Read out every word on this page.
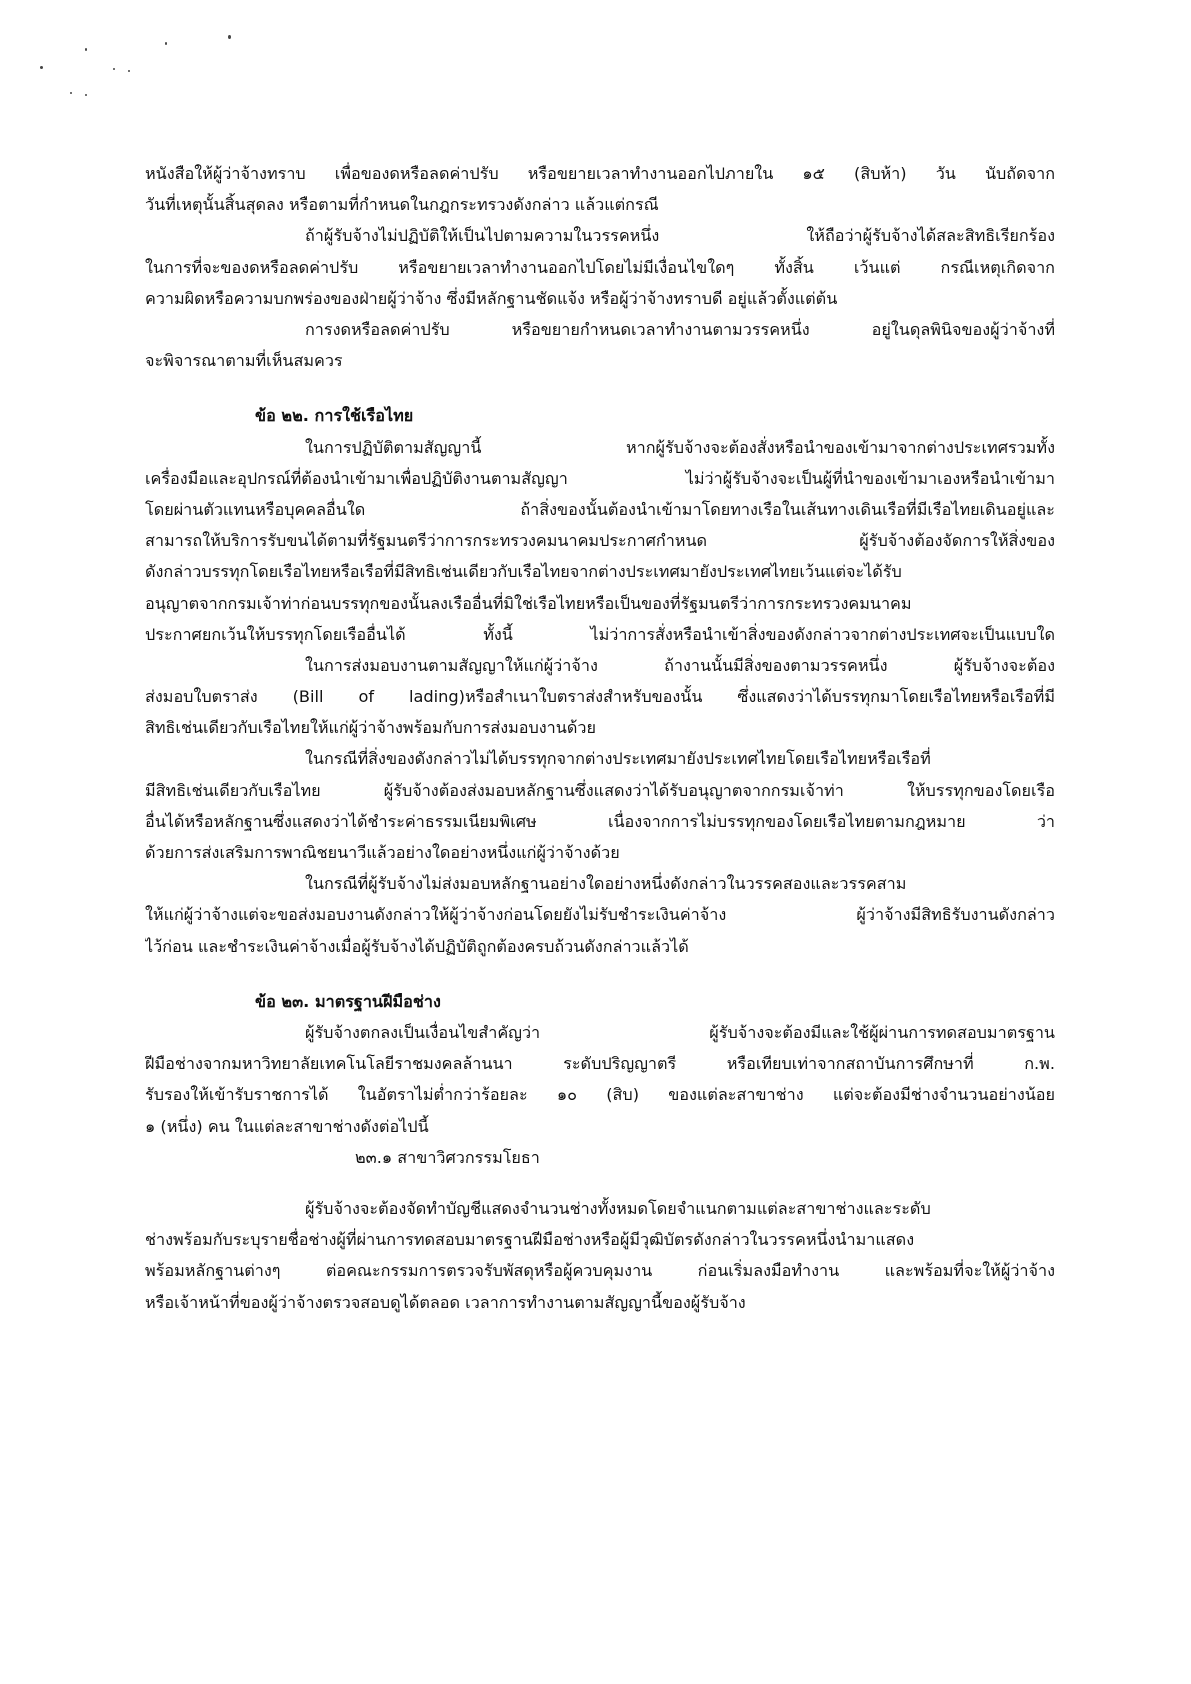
หนังสือให้ผู้ว่าจ้างทราบ เพื่อของดหรือลดค่าปรับ หรือขยายเวลาทำงานออกไปภายใน ๑๕ (สิบห้า) วัน นับถัดจาก
วันที่เหตุนั้นสิ้นสุดลง หรือตามที่กำหนดในกฎกระทรวงดังกล่าว แล้วแต่กรณี
ถ้าผู้รับจ้างไม่ปฏิบัติให้เป็นไปตามความในวรรคหนึ่ง ให้ถือว่าผู้รับจ้างได้สละสิทธิเรียกร้อง
ในการที่จะของดหรือลดค่าปรับ หรือขยายเวลาทำงานออกไปโดยไม่มีเงื่อนไขใดๆ ทั้งสิ้น เว้นแต่ กรณีเหตุเกิดจาก
ความผิดหรือความบกพร่องของฝ่ายผู้ว่าจ้าง ซึ่งมีหลักฐานชัดแจ้ง หรือผู้ว่าจ้างทราบดี อยู่แล้วตั้งแต่ต้น
การงดหรือลดค่าปรับ หรือขยายกำหนดเวลาทำงานตามวรรคหนึ่ง อยู่ในดุลพินิจของผู้ว่าจ้างที่
จะพิจารณาตามที่เห็นสมควร
ข้อ ๒๒. การใช้เรือไทย
ในการปฏิบัติตามสัญญานี้ หากผู้รับจ้างจะต้องสั่งหรือนำของเข้ามาจากต่างประเทศรวมทั้ง
เครื่องมือและอุปกรณ์ที่ต้องนำเข้ามาเพื่อปฏิบัติงานตามสัญญา ไม่ว่าผู้รับจ้างจะเป็นผู้ที่นำของเข้ามาเองหรือนำเข้ามา
โดยผ่านตัวแทนหรือบุคคลอื่นใด ถ้าสิ่งของนั้นต้องนำเข้ามาโดยทางเรือในเส้นทางเดินเรือที่มีเรือไทยเดินอยู่และ
สามารถให้บริการรับขนได้ตามที่รัฐมนตรีว่าการกระทรวงคมนาคมประกาศกำหนด ผู้รับจ้างต้องจัดการให้สิ่งของ
ดังกล่าวบรรทุกโดยเรือไทยหรือเรือที่มีสิทธิเช่นเดียวกับเรือไทยจากต่างประเทศมายังประเทศไทยเว้นแต่จะได้รับ
อนุญาตจากกรมเจ้าท่าก่อนบรรทุกของนั้นลงเรืออื่นที่มิใช่เรือไทยหรือเป็นของที่รัฐมนตรีว่าการกระทรวงคมนาคม
ประกาศยกเว้นให้บรรทุกโดยเรืออื่นได้ ทั้งนี้ ไม่ว่าการสั่งหรือนำเข้าสิ่งของดังกล่าวจากต่างประเทศจะเป็นแบบใด
ในการส่งมอบงานตามสัญญาให้แก่ผู้ว่าจ้าง ถ้างานนั้นมีสิ่งของตามวรรคหนึ่ง ผู้รับจ้างจะต้อง
ส่งมอบใบตราส่ง (Bill of lading)หรือสำเนาใบตราส่งสำหรับของนั้น ซึ่งแสดงว่าได้บรรทุกมาโดยเรือไทยหรือเรือที่มี
สิทธิเช่นเดียวกับเรือไทยให้แก่ผู้ว่าจ้างพร้อมกับการส่งมอบงานด้วย
ในกรณีที่สิ่งของดังกล่าวไม่ได้บรรทุกจากต่างประเทศมายังประเทศไทยโดยเรือไทยหรือเรือที่
มีสิทธิเช่นเดียวกับเรือไทย ผู้รับจ้างต้องส่งมอบหลักฐานซึ่งแสดงว่าได้รับอนุญาตจากกรมเจ้าท่า ให้บรรทุกของโดยเรือ
อื่นได้หรือหลักฐานซึ่งแสดงว่าได้ชำระค่าธรรมเนียมพิเศษ เนื่องจากการไม่บรรทุกของโดยเรือไทยตามกฎหมาย ว่า
ด้วยการส่งเสริมการพาณิชยนาวีแล้วอย่างใดอย่างหนึ่งแก่ผู้ว่าจ้างด้วย
ในกรณีที่ผู้รับจ้างไม่ส่งมอบหลักฐานอย่างใดอย่างหนึ่งดังกล่าวในวรรคสองและวรรคสาม
ให้แก่ผู้ว่าจ้างแต่จะขอส่งมอบงานดังกล่าวให้ผู้ว่าจ้างก่อนโดยยังไม่รับชำระเงินค่าจ้าง ผู้ว่าจ้างมีสิทธิรับงานดังกล่าว
ไว้ก่อน และชำระเงินค่าจ้างเมื่อผู้รับจ้างได้ปฏิบัติถูกต้องครบถ้วนดังกล่าวแล้วได้
ข้อ ๒๓. มาตรฐานฝีมือช่าง
ผู้รับจ้างตกลงเป็นเงื่อนไขสำคัญว่า ผู้รับจ้างจะต้องมีและใช้ผู้ผ่านการทดสอบมาตรฐาน
ฝีมือช่างจากมหาวิทยาลัยเทคโนโลยีราชมงคลล้านนา ระดับปริญญาตรี หรือเทียบเท่าจากสถาบันการศึกษาที่ ก.พ.
รับรองให้เข้ารับราชการได้ ในอัตราไม่ต่ำกว่าร้อยละ ๑๐ (สิบ) ของแต่ละสาขาช่าง แต่จะต้องมีช่างจำนวนอย่างน้อย
๑ (หนึ่ง) คน ในแต่ละสาขาช่างดังต่อไปนี้
๒๓.๑ สาขาวิศวกรรมโยธา
ผู้รับจ้างจะต้องจัดทำบัญชีแสดงจำนวนช่างทั้งหมดโดยจำแนกตามแต่ละสาขาช่างและระดับ
ช่างพร้อมกับระบุรายชื่อช่างผู้ที่ผ่านการทดสอบมาตรฐานฝีมือช่างหรือผู้มีวุฒิบัตรดังกล่าวในวรรคหนึ่งนำมาแสดง
พร้อมหลักฐานต่างๆ ต่อคณะกรรมการตรวจรับพัสดุหรือผู้ควบคุมงาน ก่อนเริ่มลงมือทำงาน และพร้อมที่จะให้ผู้ว่าจ้าง
หรือเจ้าหน้าที่ของผู้ว่าจ้างตรวจสอบดูได้ตลอด เวลาการทำงานตามสัญญานี้ของผู้รับจ้าง
